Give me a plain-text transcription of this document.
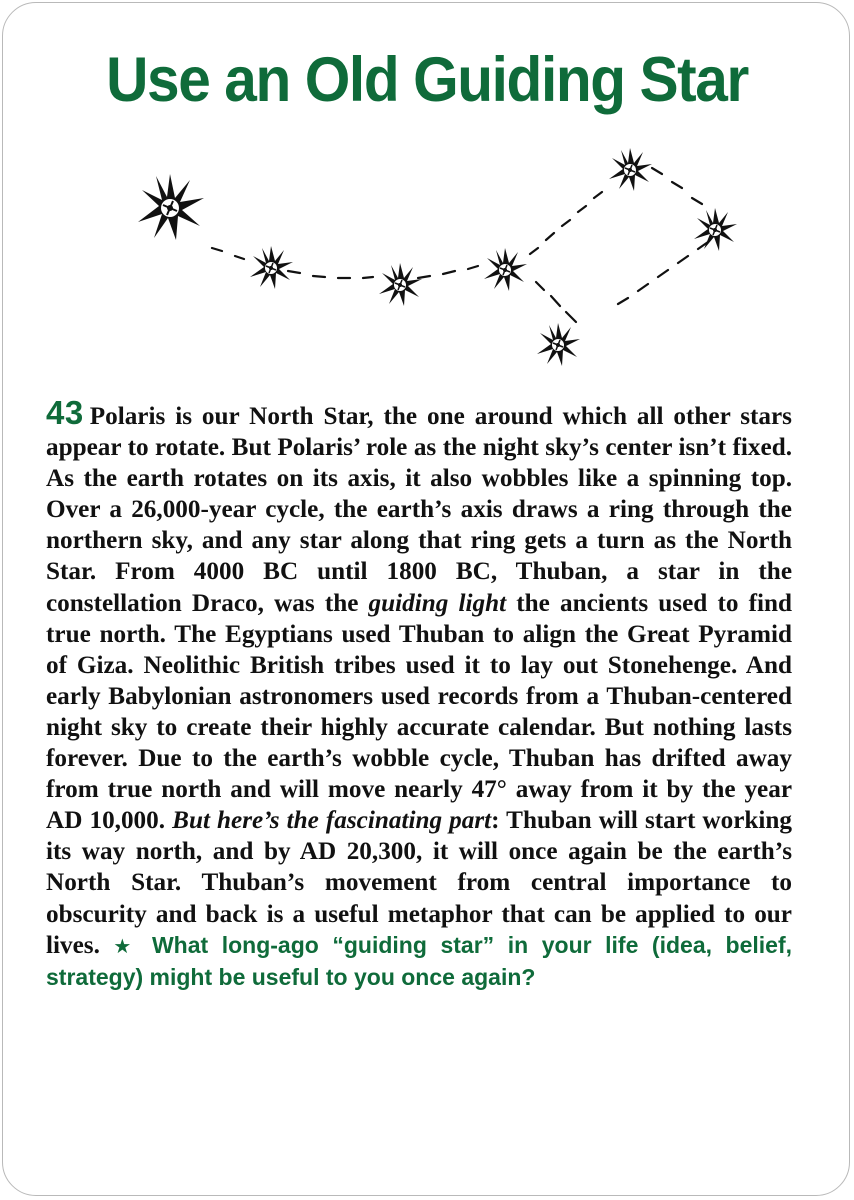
Use an Old Guiding Star
43 Polaris is our North Star, the one around which all other stars appear to rotate. But Polaris’ role as the night sky’s center isn’t fixed. As the earth rotates on its axis, it also wobbles like a spinning top. Over a 26,000-year cycle, the earth’s axis draws a ring through the northern sky, and any star along that ring gets a turn as the North Star. From 4000 BC until 1800 BC, Thuban, a star in the constellation Draco, was the guiding light the ancients used to find true north. The Egyptians used Thuban to align the Great Pyramid of Giza. Neolithic British tribes used it to lay out Stonehenge. And early Babylonian astronomers used records from a Thuban-centered night sky to create their highly accurate calendar. But nothing lasts forever. Due to the earth’s wobble cycle, Thuban has drifted away from true north and will move nearly 47° away from it by the year AD 10,000. But here’s the fascinating part: Thuban will start working its way north, and by AD 20,300, it will once again be the earth’s North Star. Thuban’s movement from central importance to obscurity and back is a useful metaphor that can be applied to our lives. ★ What long-ago “guiding star” in your life (idea, belief, strategy) might be useful to you once again?
